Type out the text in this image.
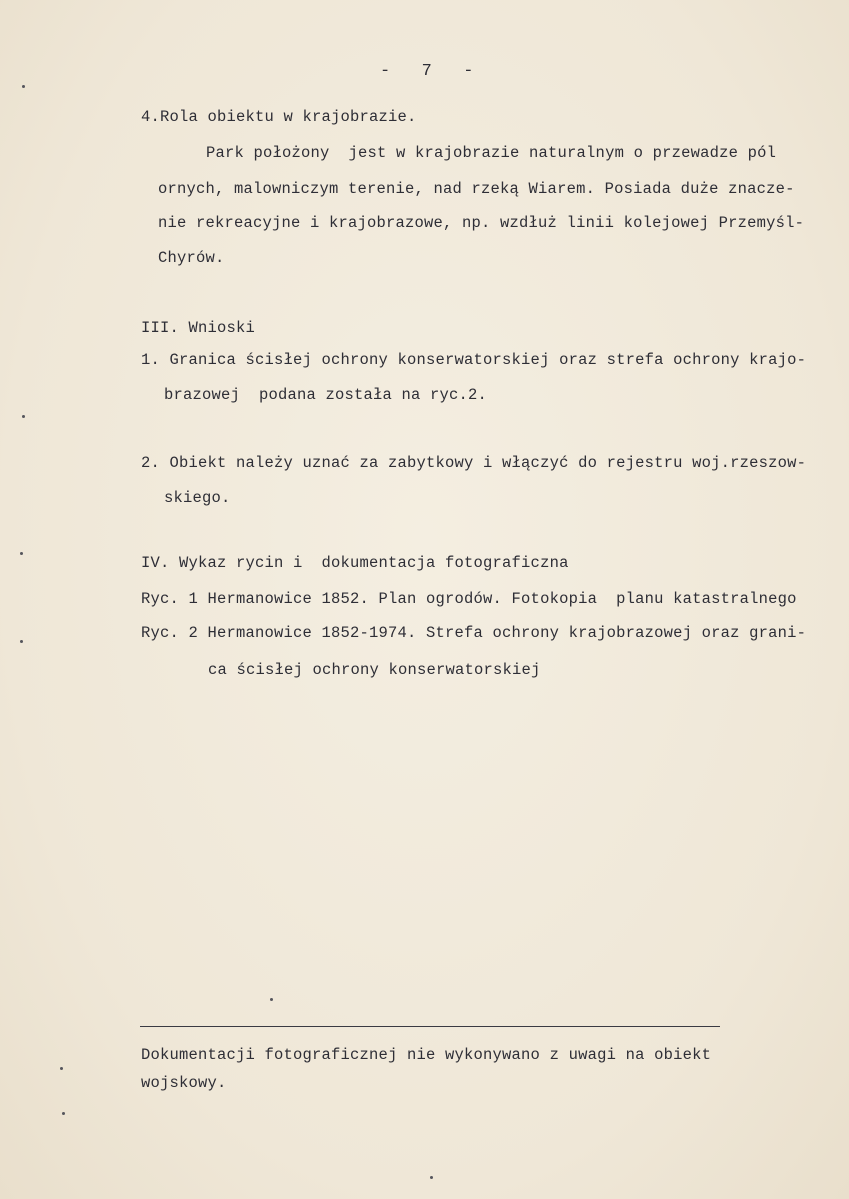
-   7   -
4.Rola obiektu w krajobrazie.
Park położony  jest w krajobrazie naturalnym o przewadze pól
ornych, malowniczym terenie, nad rzeką Wiarem. Posiada duże znacze-
nie rekreacyjne i krajobrazowe, np. wzdłuż linii kolejowej Przemyśl-
Chyrów.
III. Wnioski
1. Granica ścisłej ochrony konserwatorskiej oraz strefa ochrony krajo-
brazowej  podana została na ryc.2.
2. Obiekt należy uznać za zabytkowy i włączyć do rejestru woj.rzeszow-
skiego.
IV. Wykaz rycin i  dokumentacja fotograficzna
Ryc. 1 Hermanowice 1852. Plan ogrodów. Fotokopia  planu katastralnego
Ryc. 2 Hermanowice 1852-1974. Strefa ochrony krajobrazowej oraz grani-
ca ścisłej ochrony konserwatorskiej
Dokumentacji fotograficznej nie wykonywano z uwagi na obiekt
wojskowy.
